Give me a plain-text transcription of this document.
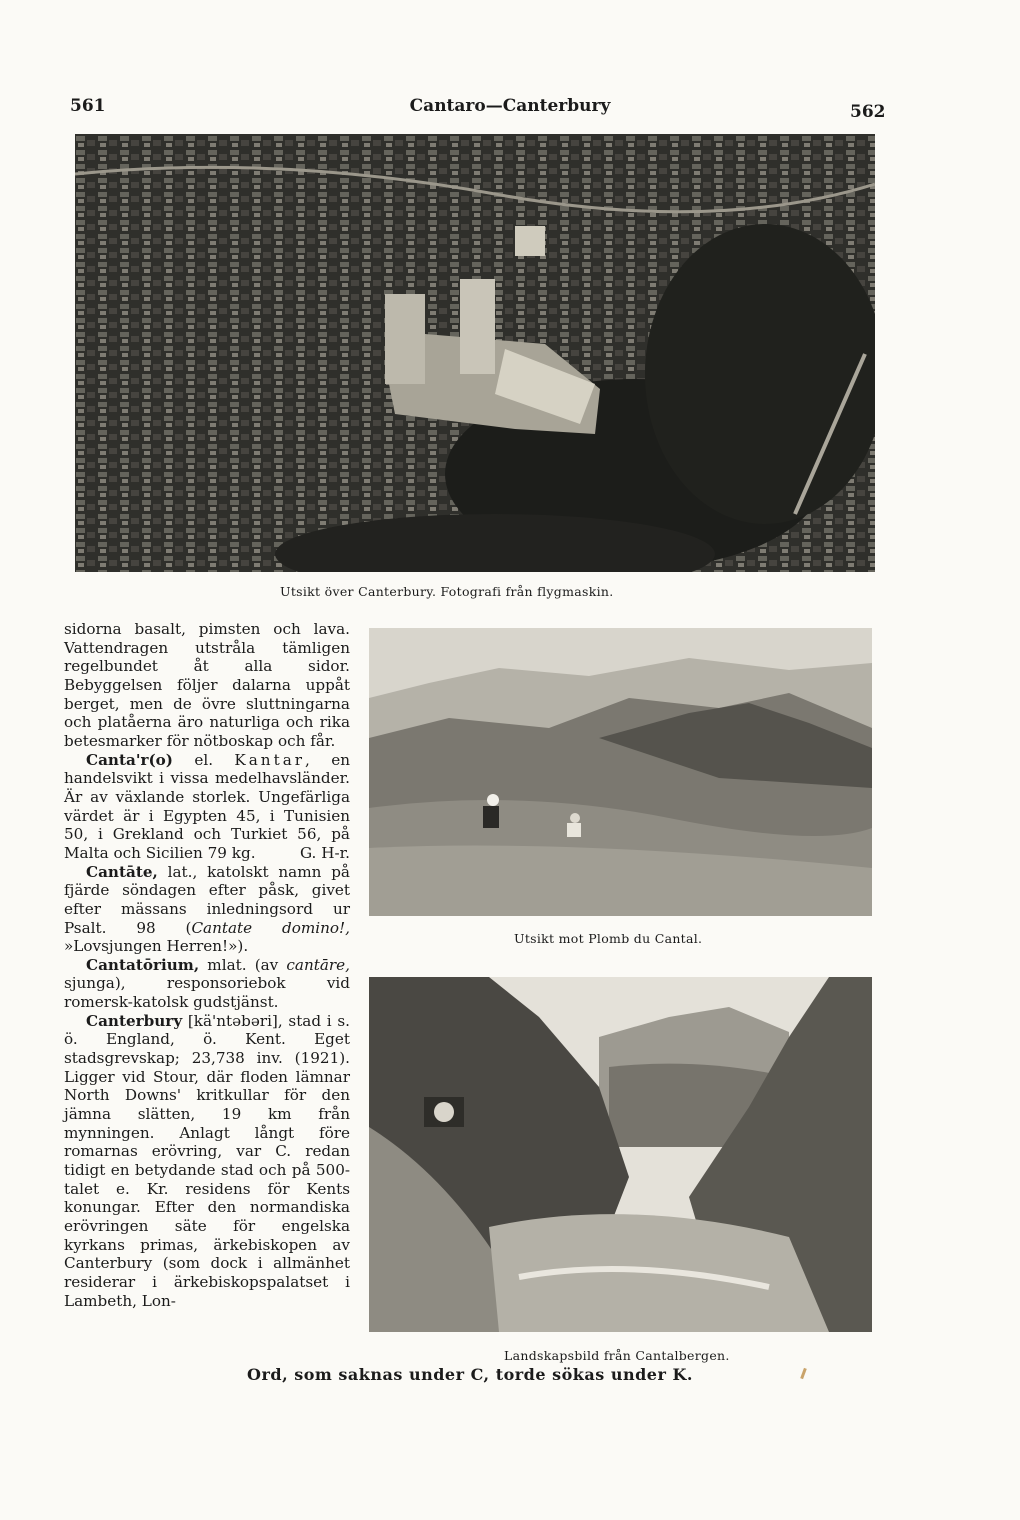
561	Cantaro—Canterbury	562
Utsikt över Canterbury. Fotografi från flygmaskin.
Utsikt mot Plomb du Cantal.
Landskapsbild från Cantalbergen.

sidorna basalt, pimsten och lava. Vattendragen utstråla tämligen regelbundet åt alla sidor. Bebyggelsen följer dalarna uppåt berget, men de övre sluttningarna och platåerna äro naturliga och rika betesmarker för nötboskap och får.

Canta'r(o) el. Kantar, en handelsvikt i vissa medelhavsländer. Är av växlande storlek. Ungefärliga värdet är i Egypten 45, i Tunisien 50, i Grekland och Turkiet 56, på Malta och Sicilien 79 kg.	G. H-r.

Cantāte, lat., katolskt namn på fjärde söndagen efter påsk, givet efter mässans inledningsord ur Psalt. 98 (Cantate domino!, »Lovsjungen Herren!»).

Cantatōrium, mlat. (av cantāre, sjunga), responsoriebok vid romersk-katolsk gudstjänst.

Canterbury [kä'ntəbəri], stad i s. ö. England, ö. Kent. Eget stadsgrevskap; 23,738 inv. (1921). Ligger vid Stour, där floden lämnar North Downs' kritkullar för den jämna slätten, 19 km från mynningen. Anlagt långt före romarnas erövring, var C. redan tidigt en betydande stad och på 500-talet e. Kr. residens för Kents konungar. Efter den normandiska erövringen säte för engelska kyrkans primas, ärkebiskopen av Canterbury (som dock i allmänhet residerar i ärkebiskopspalatset i Lambeth, Lon-

Ord, som saknas under C, torde sökas under K.
